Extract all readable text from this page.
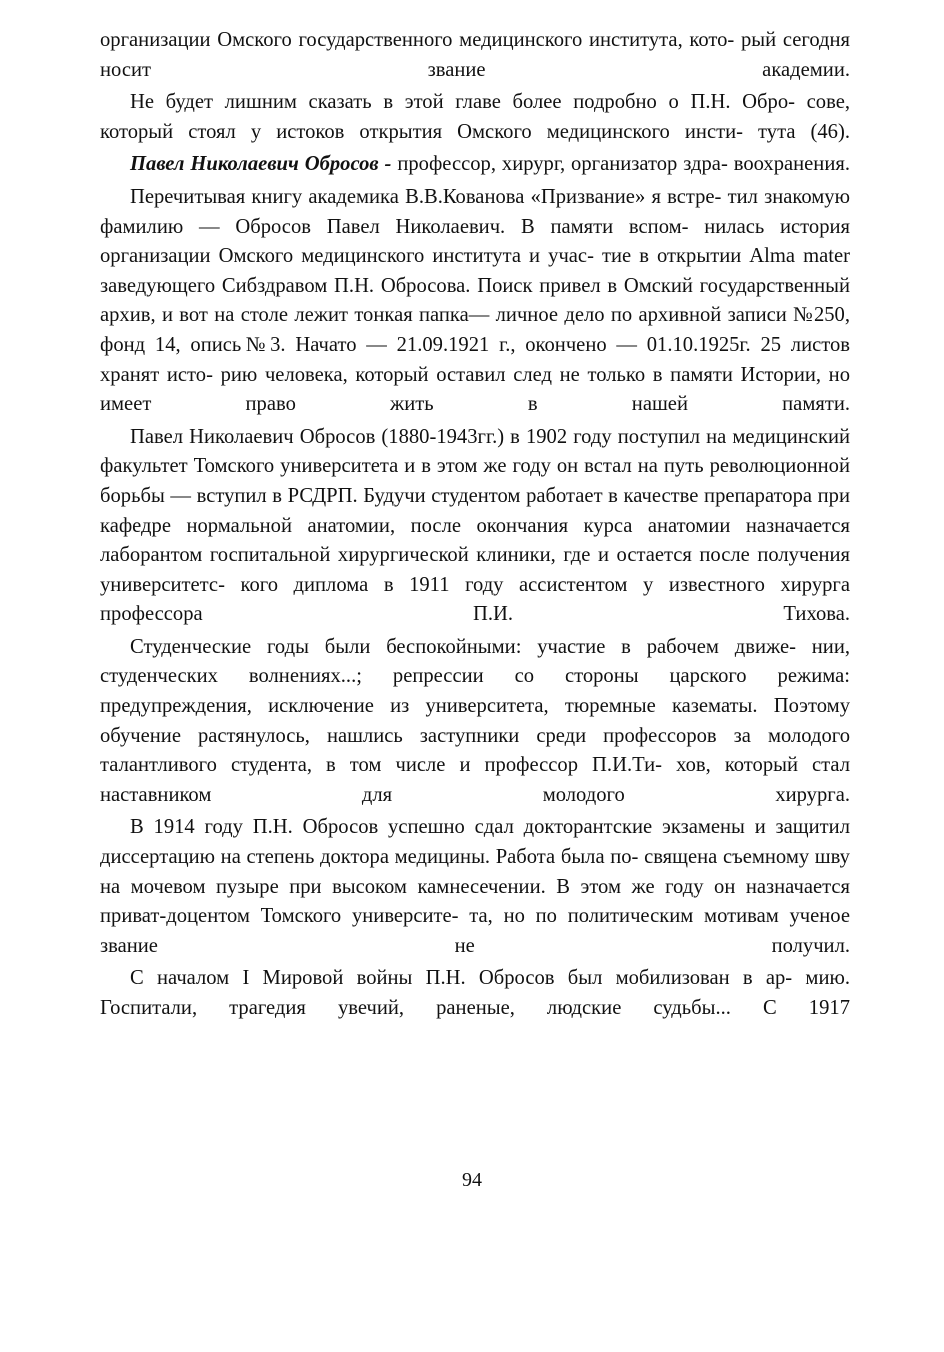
организации Омского государственного медицинского института, кото- рый сегодня носит звание академии.

Не будет лишним сказать в этой главе более подробно о П.Н. Обро- сове, который стоял у истоков открытия Омского медицинского инсти- тута (46).

Павел Николаевич Обросов - профессор, хирург, организатор здра- воохранения.

Перечитывая книгу академика В.В.Кованова «Призвание» я встре- тил знакомую фамилию — Обросов Павел Николаевич. В памяти вспом- нилась история организации Омского медицинского института и учас- тие в открытии Alma mater заведующего Сибздравом П.Н. Обросова. Поиск привел в Омский государственный архив, и вот на столе лежит тонкая папка— личное дело по архивной записи №250, фонд 14, опись№3. Начато — 21.09.1921 г., окончено — 01.10.1925г. 25 листов хранят исто- рию человека, который оставил след не только в памяти Истории, но имеет право жить в нашей памяти.

Павел Николаевич Обросов (1880-1943гг.) в 1902 году поступил на медицинский факультет Томского университета и в этом же году он встал на путь революционной борьбы — вступил в РСДРП. Будучи студентом работает в качестве препаратора при кафедре нормальной анатомии, после окончания курса анатомии назначается лаборантом госпитальной хирургической клиники, где и остается после получения университетс- кого диплома в 1911 году ассистентом у известного хирурга профессора	П.И. Тихова.

Студенческие годы были беспокойными: участие в рабочем движе- нии, студенческих волнениях...; репрессии со стороны царского режима: предупреждения, исключение из университета, тюремные казематы. Поэтому обучение растянулось, нашлись заступники среди профессоров за молодого талантливого студента, в том числе и профессор П.И.Ти- хов, который стал наставником для молодого хирурга.

В 1914 году П.Н. Обросов успешно сдал докторантские экзамены и защитил диссертацию на степень доктора медицины. Работа была по- священа съемному шву на мочевом пузыре при высоком камнесечении. В этом же году он назначается приват-доцентом Томского университе- та, но по политическим мотивам ученое звание не получил.

С началом I Мировой войны П.Н. Обросов был мобилизован в ар- мию. Госпитали, трагедия увечий, раненые, людские судьбы... С 1917

94
